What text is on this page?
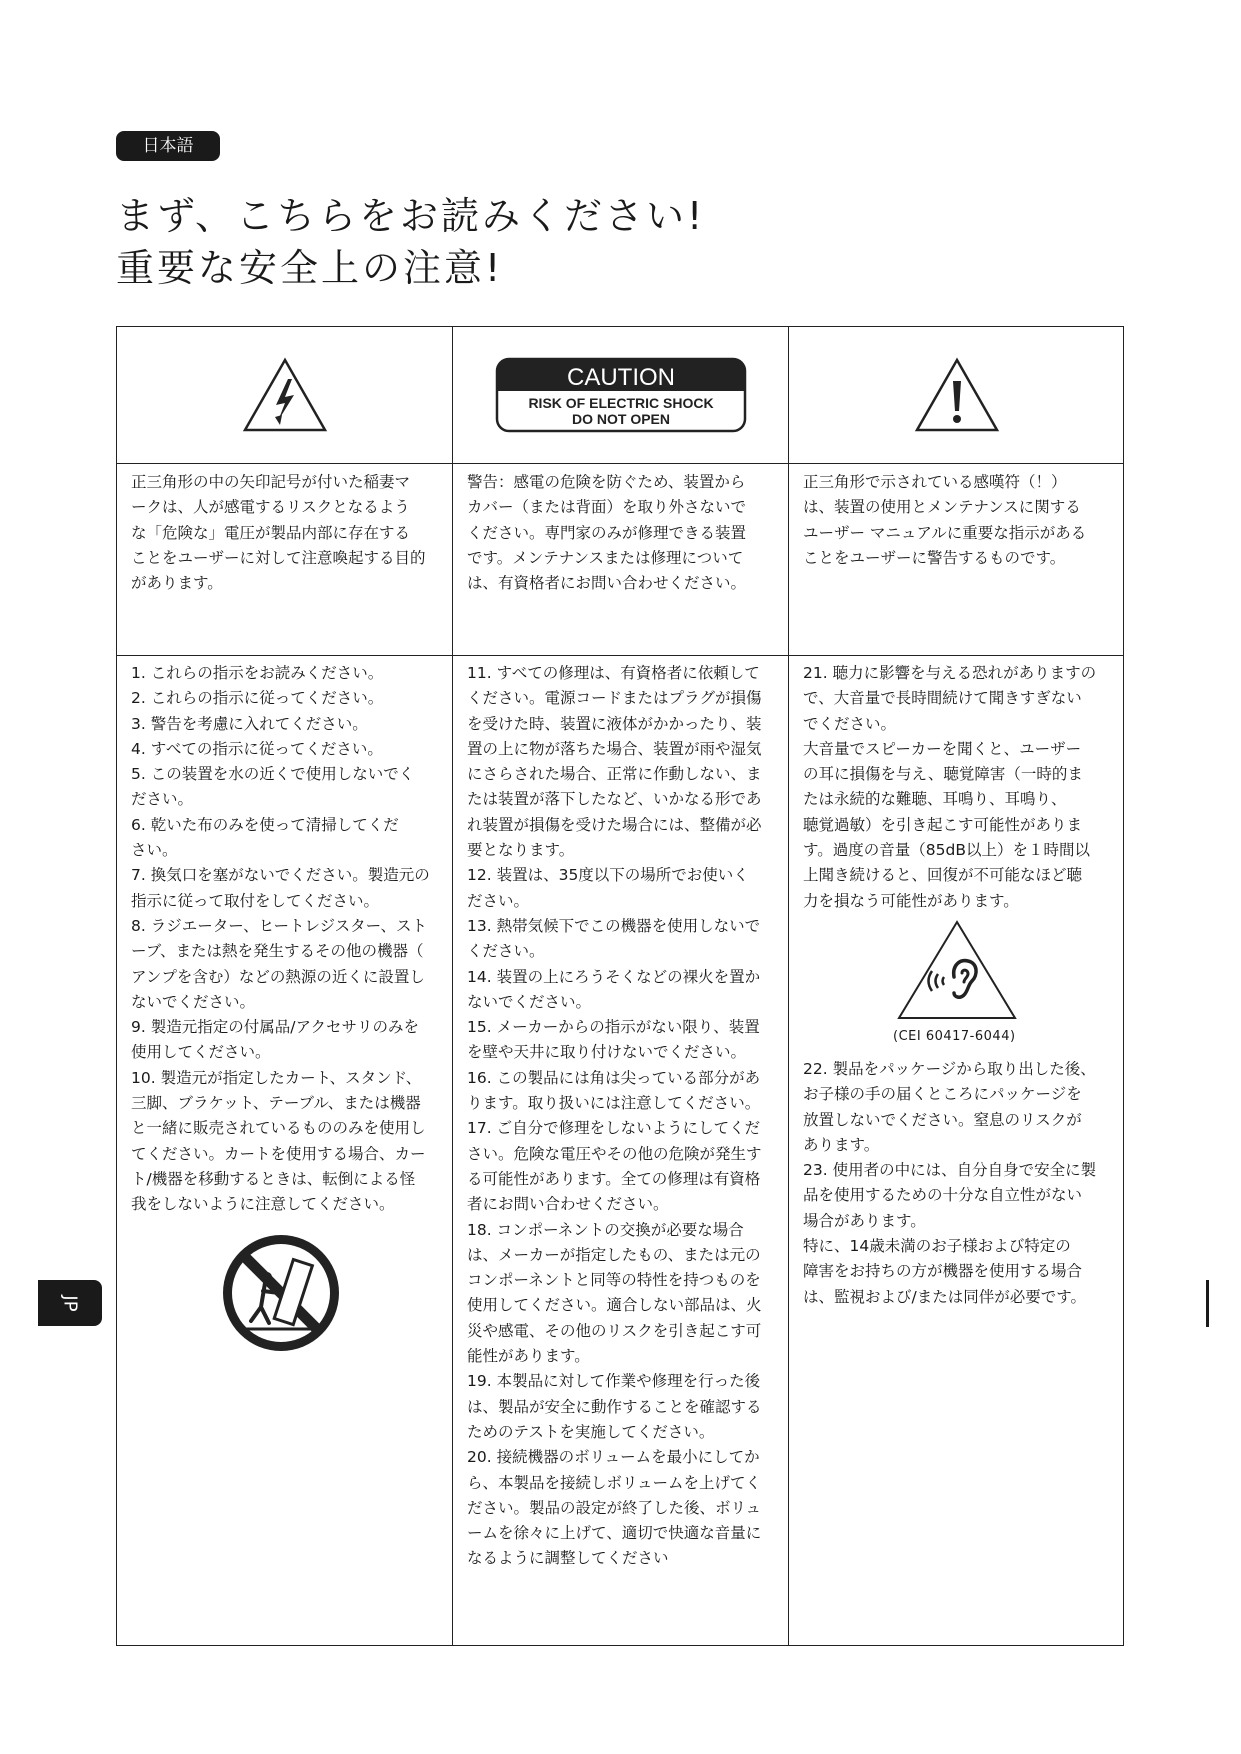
日本語
まず、こちらをお読みください!
重要な安全上の注意!
CAUTION
RISK OF ELECTRIC SHOCK
DO NOT OPEN

正三角形の中の矢印記号が付いた稲妻マ

ークは、人が感電するリスクとなるよう

な「危険な」電圧が製品内部に存在する

ことをユーザーに対して注意喚起する目的

があります。

警告：感電の危険を防ぐため、装置から

カバー（または背面）を取り外さないで

ください。専門家のみが修理できる装置

です。メンテナンスまたは修理について

は、有資格者にお問い合わせください。

正三角形で示されている感嘆符（！）

は、装置の使用とメンテナンスに関する

ユーザー マニュアルに重要な指示がある

ことをユーザーに警告するものです。

1. これらの指示をお読みください。

2. これらの指示に従ってください。

3. 警告を考慮に入れてください。

4. すべての指示に従ってください。

5. この装置を水の近くで使用しないでく

ださい。

6. 乾いた布のみを使って清掃してくだ

さい。

7. 換気口を塞がないでください。製造元の

指示に従って取付をしてください。

8. ラジエーター、ヒートレジスター、スト

ーブ、または熱を発生するその他の機器（

アンプを含む）などの熱源の近くに設置し

ないでください。

9. 製造元指定の付属品/アクセサリのみを

使用してください。

10. 製造元が指定したカート、スタンド、

三脚、ブラケット、テーブル、または機器

と一緒に販売されているもののみを使用し

てください。カートを使用する場合、カー

ト/機器を移動するときは、転倒による怪

我をしないように注意してください。

11. すべての修理は、有資格者に依頼して

ください。電源コードまたはプラグが損傷

を受けた時、装置に液体がかかったり、装

置の上に物が落ちた場合、装置が雨や湿気

にさらされた場合、正常に作動しない、ま

たは装置が落下したなど、いかなる形であ

れ装置が損傷を受けた場合には、整備が必

要となります。

12. 装置は、35度以下の場所でお使いく

ださい。

13. 熱帯気候下でこの機器を使用しないで

ください。

14. 装置の上にろうそくなどの裸火を置か

ないでください。

15. メーカーからの指示がない限り、装置

を壁や天井に取り付けないでください。

16. この製品には角は尖っている部分があ

ります。取り扱いには注意してください。

17. ご自分で修理をしないようにしてくだ

さい。危険な電圧やその他の危険が発生す

る可能性があります。全ての修理は有資格

者にお問い合わせください。

18. コンポーネントの交換が必要な場合

は、メーカーが指定したもの、または元の

コンポーネントと同等の特性を持つものを

使用してください。適合しない部品は、火

災や感電、その他のリスクを引き起こす可

能性があります。

19. 本製品に対して作業や修理を行った後

は、製品が安全に動作することを確認する

ためのテストを実施してください。

20. 接続機器のボリュームを最小にしてか

ら、本製品を接続しボリュームを上げてく

ださい。製品の設定が終了した後、ボリュ

ームを徐々に上げて、適切で快適な音量に

なるように調整してください

21. 聴力に影響を与える恐れがありますの

で、大音量で長時間続けて聞きすぎない

でください。

大音量でスピーカーを聞くと、ユーザー

の耳に損傷を与え、聴覚障害（一時的ま

たは永続的な難聴、耳鳴り、耳鳴り、

聴覚過敏）を引き起こす可能性がありま

す。過度の音量（85dB以上）を１時間以

上聞き続けると、回復が不可能なほど聴

力を損なう可能性があります。

(CEI 60417-6044)

22. 製品をパッケージから取り出した後、

お子様の手の届くところにパッケージを

放置しないでください。窒息のリスクが

あります。

23. 使用者の中には、自分自身で安全に製

品を使用するための十分な自立性がない

場合があります。

特に、14歳未満のお子様および特定の

障害をお持ちの方が機器を使用する場合

は、監視および/または同伴が必要です。

JP
